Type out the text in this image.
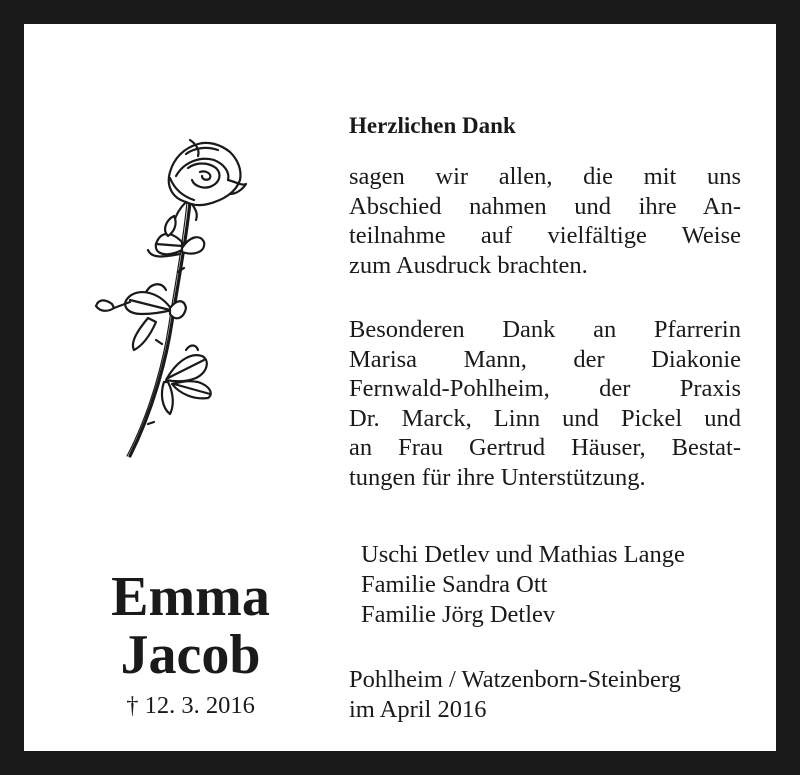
Herzlichen Dank
sagen wir allen, die mit uns
Abschied nahmen und ihre An-
teilnahme auf vielfältige Weise
zum Ausdruck brachten.
Besonderen Dank an Pfarrerin
Marisa Mann, der Diakonie
Fernwald-Pohlheim, der Praxis
Dr. Marck, Linn und Pickel und
an Frau Gertrud Häuser, Bestat-
tungen für ihre Unterstützung.
Uschi Detlev und Mathias Lange
Familie Sandra Ott
Familie Jörg Detlev
Pohlheim / Watzenborn-Steinberg
im April 2016
Emma
Jacob
† 12. 3. 2016
